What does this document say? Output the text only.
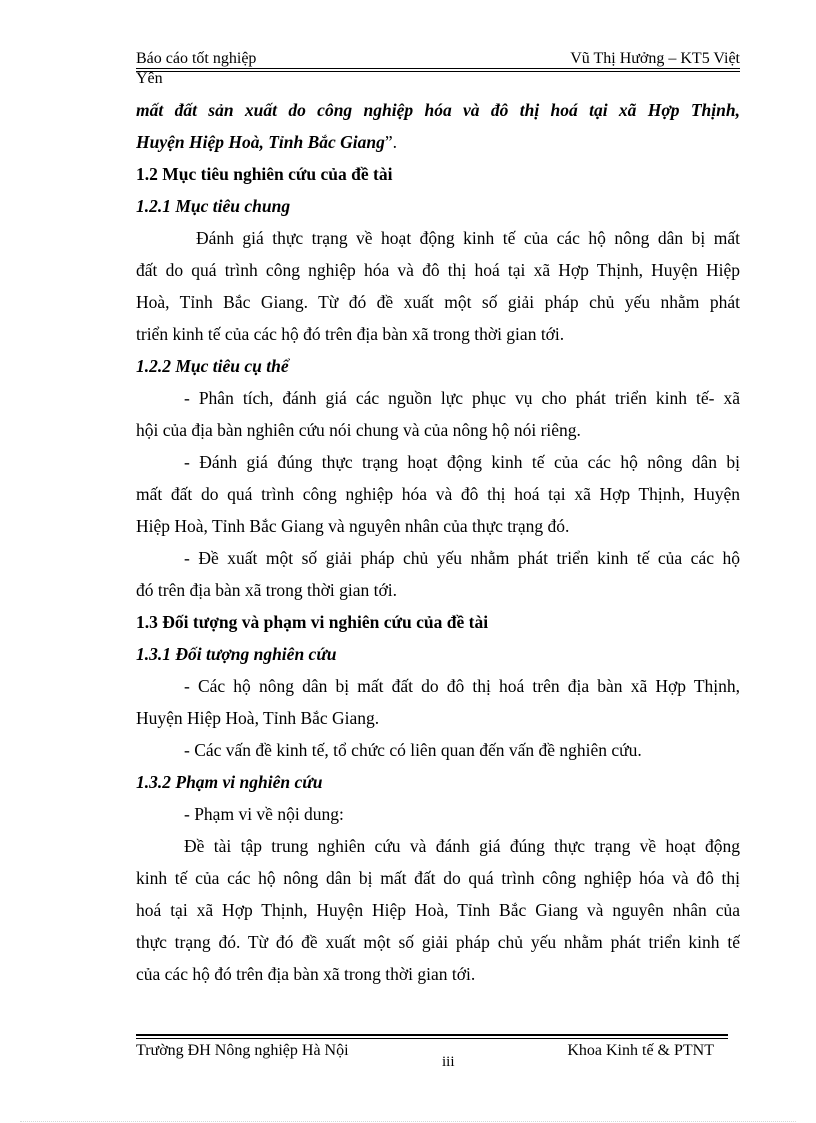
Báo cáo tốt nghiệp	Vũ Thị Hưởng – KT5 Việt
Yên
mất đất sản xuất do công nghiệp hóa và đô thị hoá tại xã Hợp Thịnh,
Huyện Hiệp Hoà, Tỉnh Bắc Giang”.
1.2 Mục tiêu nghiên cứu của đề tài
1.2.1 Mục tiêu chung
Đánh giá thực trạng về hoạt động kinh tế của các hộ nông dân bị mất
đất do quá trình công nghiệp hóa và đô thị hoá tại xã Hợp Thịnh, Huyện Hiệp
Hoà, Tỉnh Bắc Giang. Từ đó đề xuất một số giải pháp chủ yếu nhằm phát
triển kinh tế của các hộ đó trên địa bàn xã trong thời gian tới.
1.2.2 Mục tiêu cụ thể
- Phân tích, đánh giá các nguồn lực phục vụ cho phát triển kinh tế- xã
hội của địa bàn nghiên cứu nói chung và của nông hộ nói riêng.
- Đánh giá đúng thực trạng hoạt động kinh tế của các hộ nông dân bị
mất đất do quá trình công nghiệp hóa và đô thị hoá tại xã Hợp Thịnh, Huyện
Hiệp Hoà, Tỉnh Bắc Giang và nguyên nhân của thực trạng đó.
- Đề xuất một số giải pháp chủ yếu nhằm phát triển kinh tế của các hộ
đó trên địa bàn xã trong thời gian tới.
1.3 Đối tượng và phạm vi nghiên cứu của đề tài
1.3.1 Đối tượng nghiên cứu
- Các hộ nông dân bị mất đất do đô thị hoá trên địa bàn xã Hợp Thịnh,
Huyện Hiệp Hoà, Tỉnh Bắc Giang.
- Các vấn đề kinh tế, tổ chức có liên quan đến vấn đề nghiên cứu.
1.3.2 Phạm vi nghiên cứu
- Phạm vi về nội dung:
Đề tài tập trung nghiên cứu và đánh giá đúng thực trạng về hoạt động
kinh tế của các hộ nông dân bị mất đất do quá trình công nghiệp hóa và đô thị
hoá tại xã Hợp Thịnh, Huyện Hiệp Hoà, Tỉnh Bắc Giang và nguyên nhân của
thực trạng đó. Từ đó đề xuất một số giải pháp chủ yếu nhằm phát triển kinh tế
của các hộ đó trên địa bàn xã trong thời gian tới.
Trường ĐH Nông nghiệp Hà Nội	Khoa Kinh tế & PTNT
iii
